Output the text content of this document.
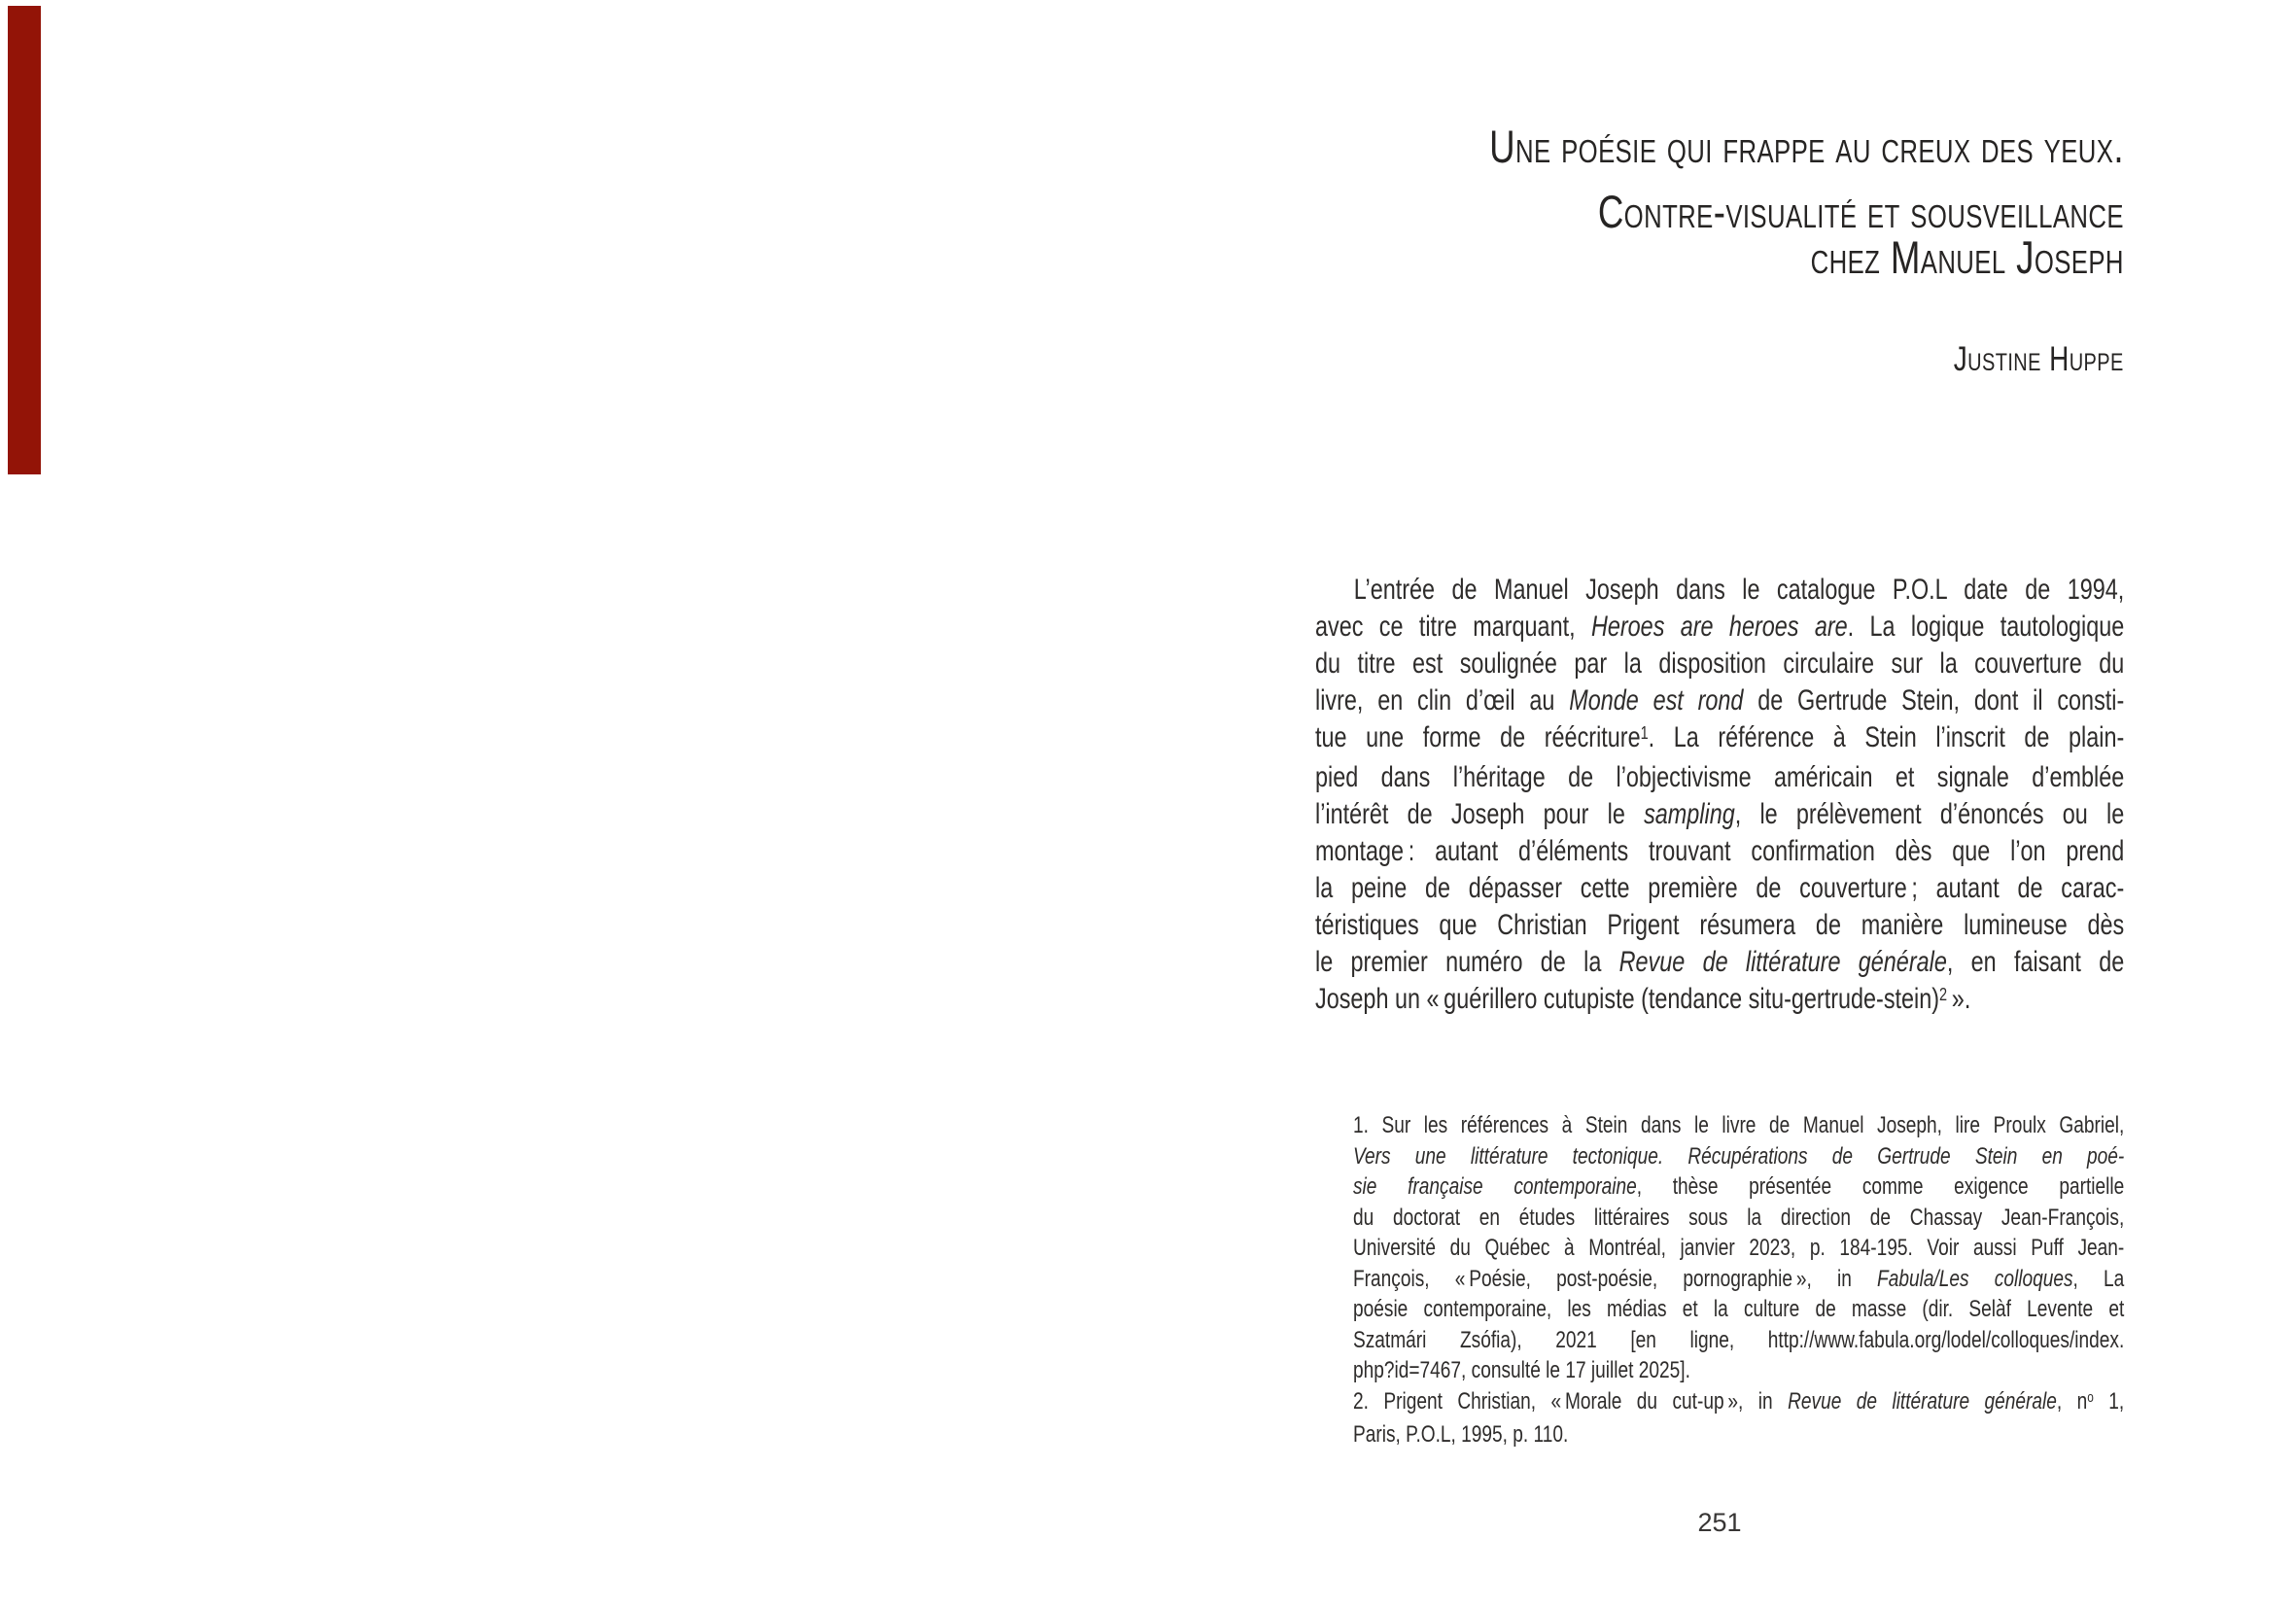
Une poésie qui frappe au creux des yeux.
Contre-visualité et sousveillance
chez Manuel Joseph
Justine Huppe
L’entrée de Manuel Joseph dans le catalogue P.O.L date de 1994,
avec ce titre marquant, Heroes are heroes are. La logique tautologique
du titre est soulignée par la disposition circulaire sur la couverture du
livre, en clin d’œil au Monde est rond de Gertrude Stein, dont il consti-
tue une forme de réécriture$^1$. La référence à Stein l’inscrit de plain-
pied dans l’héritage de l’objectivisme américain et signale d’emblée
l’intérêt de Joseph pour le sampling, le prélèvement d’énoncés ou le
montage : autant d’éléments trouvant confirmation dès que l’on prend
la peine de dépasser cette première de couverture ; autant de carac-
téristiques que Christian Prigent résumera de manière lumineuse dès
le premier numéro de la Revue de littérature générale, en faisant de
Joseph un « guérillero cutupiste (tendance situ-gertrude-stein)$^2$ ».
1. Sur les références à Stein dans le livre de Manuel Joseph, lire Proulx Gabriel,
Vers une littérature tectonique. Récupérations de Gertrude Stein en poé-
sie française contemporaine, thèse présentée comme exigence partielle
du doctorat en études littéraires sous la direction de Chassay Jean-François,
Université du Québec à Montréal, janvier 2023, p. 184-195. Voir aussi Puff Jean-
François, « Poésie, post-poésie, pornographie », in Fabula/Les colloques, La
poésie contemporaine, les médias et la culture de masse (dir. Selàf Levente et
Szatmári Zsófia), 2021 [en ligne, http://www.fabula.org/lodel/colloques/index.
php?id=7467, consulté le 17 juillet 2025].
2. Prigent Christian, « Morale du cut-up », in Revue de littérature générale, $n^o$ 1,
Paris, P.O.L, 1995, p. 110.
251
